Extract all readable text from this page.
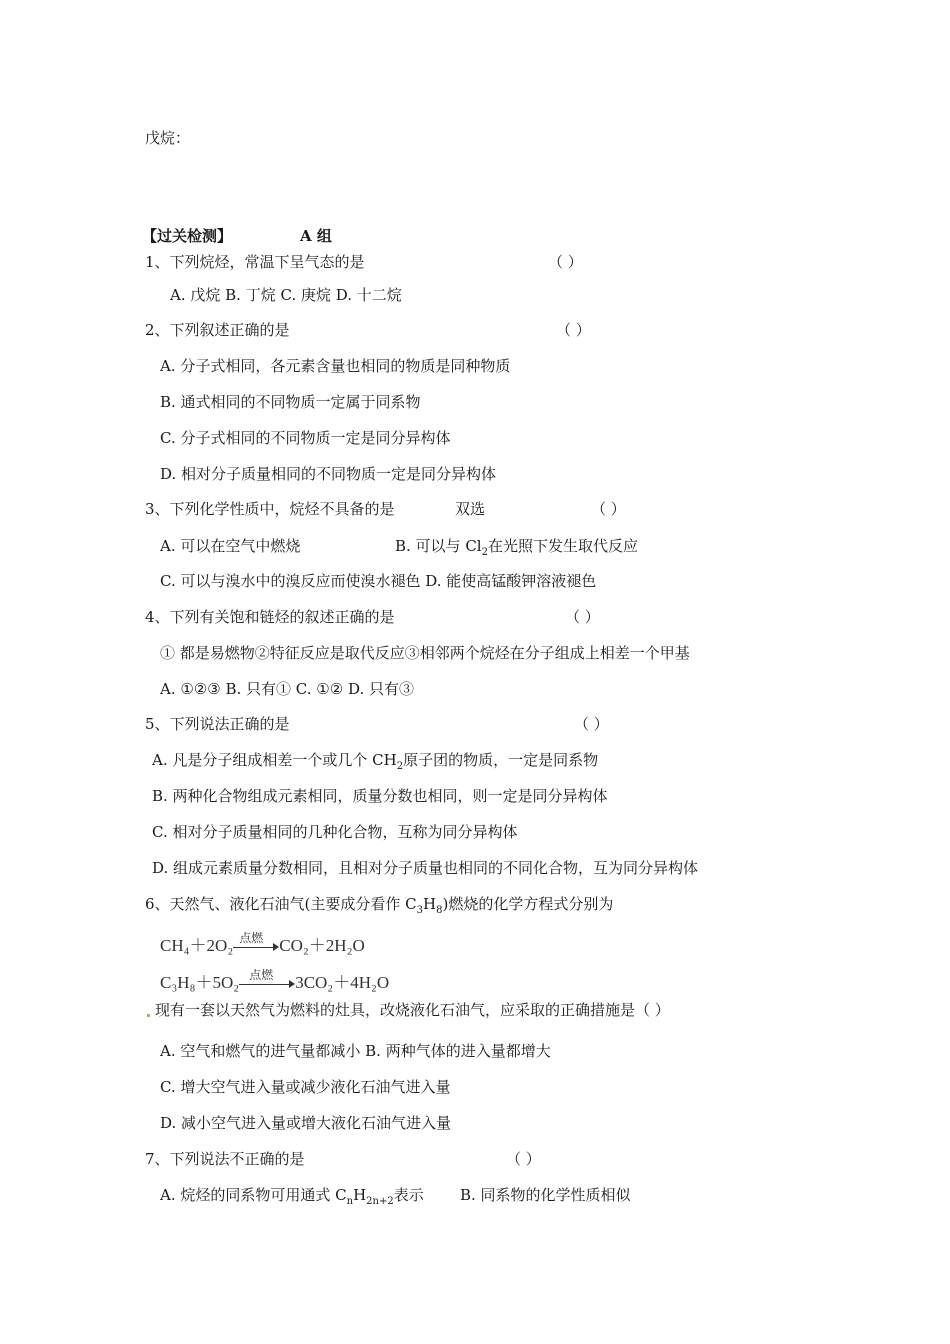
戊烷：
【过关检测】	A 组
1、下列烷烃，常温下呈气态的是	（ ）
A. 戊烷 B. 丁烷 C. 庚烷 D. 十二烷
2、下列叙述正确的是	（ ）
A. 分子式相同，各元素含量也相同的物质是同种物质
B. 通式相同的不同物质一定属于同系物
C. 分子式相同的不同物质一定是同分异构体
D. 相对分子质量相同的不同物质一定是同分异构体
3、下列化学性质中，烷烃不具备的是	双选	（ ）
A. 可以在空气中燃烧	B. 可以与 $Cl_2$在光照下发生取代反应
C. 可以与溴水中的溴反应而使溴水褪色 D. 能使高锰酸钾溶液褪色
4、下列有关饱和链烃的叙述正确的是	（ ）
① 都是易燃物②特征反应是取代反应③相邻两个烷烃在分子组成上相差一个甲基
A. ①②③ B. 只有① C. ①② D. 只有③
5、下列说法正确的是	（ ）
A. 凡是分子组成相差一个或几个 $CH_2$原子团的物质，一定是同系物
B. 两种化合物组成元素相同，质量分数也相同，则一定是同分异构体
C. 相对分子质量相同的几种化合物，互称为同分异构体
D. 组成元素质量分数相同，且相对分子质量也相同的不同化合物，互为同分异构体
6、天然气、液化石油气(主要成分看作 $C_3H_8$)燃烧的化学方程式分别为
CH₄＋2O₂ 点燃 CO₂＋2H₂O
C₃H₈＋5O₂ 点燃 3CO₂＋4H₂O
现有一套以天然气为燃料的灶具，改烧液化石油气，应采取的正确措施是（ ）
A. 空气和燃气的进气量都减小 B. 两种气体的进入量都增大
C. 增大空气进入量或减少液化石油气进入量
D. 减小空气进入量或增大液化石油气进入量
7、下列说法不正确的是	（ ）
A. 烷烃的同系物可用通式 $C_nH_{2n+2}$表示 B. 同系物的化学性质相似
